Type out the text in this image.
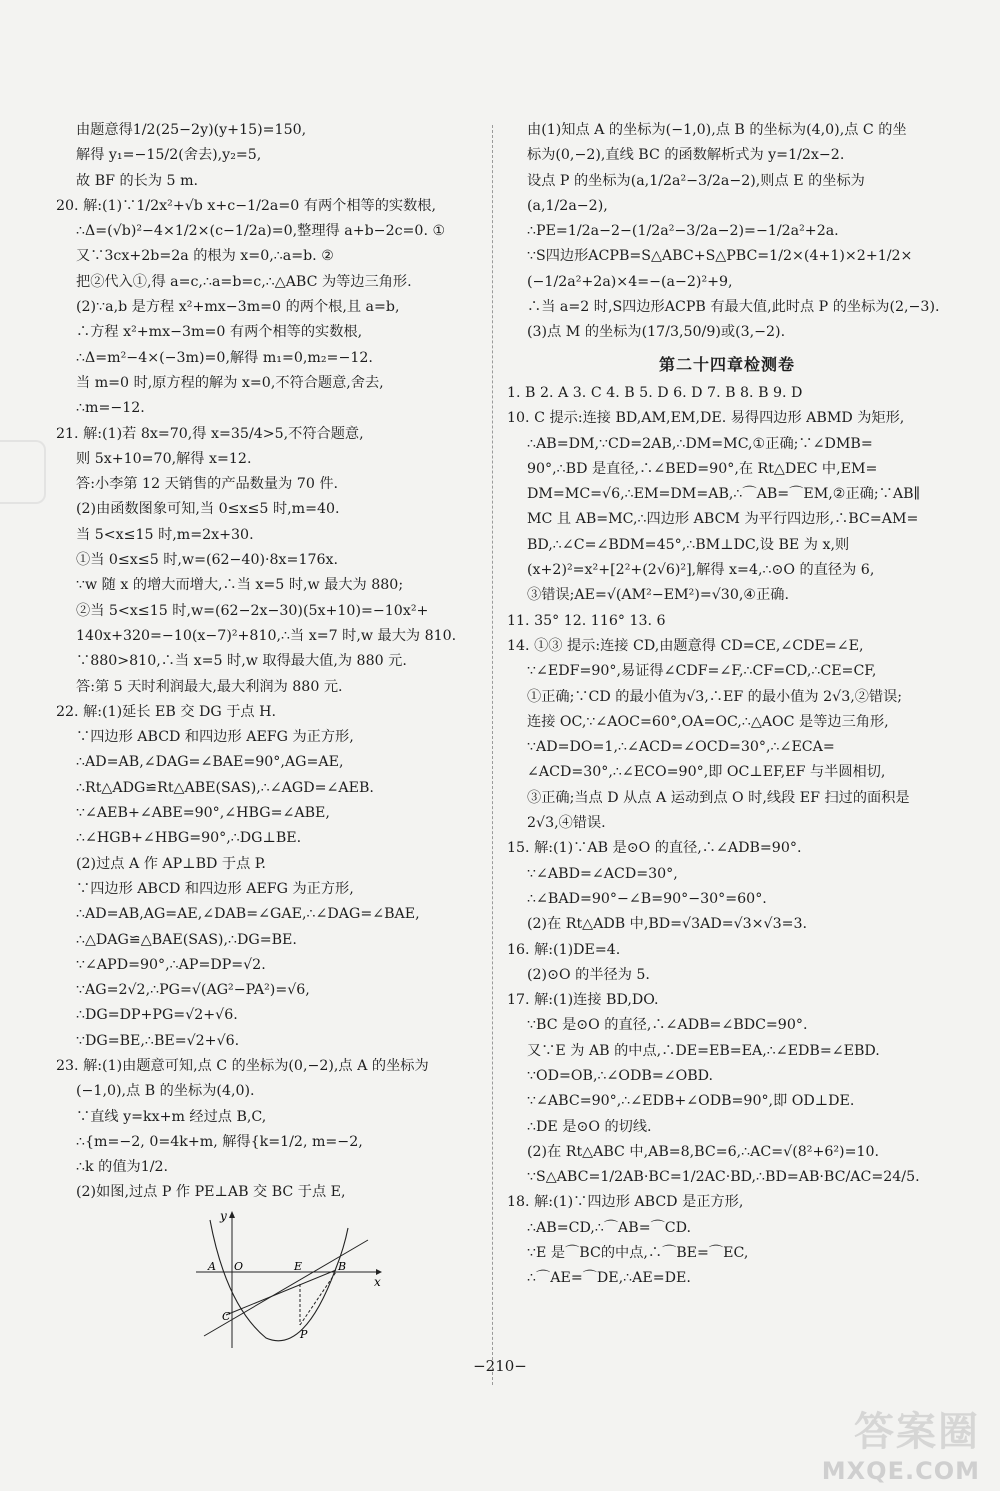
由题意得1/2(25−2y)(y+15)=150,
解得 y₁=−15/2(舍去),y₂=5,
故 BF 的长为 5 m.
20. 解:(1)∵1/2x²+√b x+c−1/2a=0 有两个相等的实数根,
∴Δ=(√b)²−4×1/2×(c−1/2a)=0,整理得 a+b−2c=0. ①
又∵3cx+2b=2a 的根为 x=0,∴a=b. ②
把②代入①,得 a=c,∴a=b=c,∴△ABC 为等边三角形.
(2)∵a,b 是方程 x²+mx−3m=0 的两个根,且 a=b,
∴方程 x²+mx−3m=0 有两个相等的实数根,
∴Δ=m²−4×(−3m)=0,解得 m₁=0,m₂=−12.
当 m=0 时,原方程的解为 x=0,不符合题意,舍去,
∴m=−12.
21. 解:(1)若 8x=70,得 x=35/4>5,不符合题意,
则 5x+10=70,解得 x=12.
答:小李第 12 天销售的产品数量为 70 件.
(2)由函数图象可知,当 0≤x≤5 时,m=40.
当 5<x≤15 时,m=2x+30.
①当 0≤x≤5 时,w=(62−40)·8x=176x.
∵w 随 x 的增大而增大,∴当 x=5 时,w 最大为 880;
②当 5<x≤15 时,w=(62−2x−30)(5x+10)=−10x²+
140x+320=−10(x−7)²+810,∴当 x=7 时,w 最大为 810.
∵880>810,∴当 x=5 时,w 取得最大值,为 880 元.
答:第 5 天时利润最大,最大利润为 880 元.
22. 解:(1)延长 EB 交 DG 于点 H.
∵四边形 ABCD 和四边形 AEFG 为正方形,
∴AD=AB,∠DAG=∠BAE=90°,AG=AE,
∴Rt△ADG≌Rt△ABE(SAS),∴∠AGD=∠AEB.
∵∠AEB+∠ABE=90°,∠HBG=∠ABE,
∴∠HGB+∠HBG=90°,∴DG⊥BE.
(2)过点 A 作 AP⊥BD 于点 P.
∵四边形 ABCD 和四边形 AEFG 为正方形,
∴AD=AB,AG=AE,∠DAB=∠GAE,∴∠DAG=∠BAE,
∴△DAG≌△BAE(SAS),∴DG=BE.
∵∠APD=90°,∴AP=DP=√2.
∵AG=2√2,∴PG=√(AG²−PA²)=√6,
∴DG=DP+PG=√2+√6.
∵DG=BE,∴BE=√2+√6.
23. 解:(1)由题意可知,点 C 的坐标为(0,−2),点 A 的坐标为
(−1,0),点 B 的坐标为(4,0).
∵直线 y=kx+m 经过点 B,C,
∴{m=−2, 0=4k+m, 解得{k=1/2, m=−2,
∴k 的值为1/2.
(2)如图,过点 P 作 PE⊥AB 交 BC 于点 E,
y
x
A O	E	B
C
P
由(1)知点 A 的坐标为(−1,0),点 B 的坐标为(4,0),点 C 的坐
标为(0,−2),直线 BC 的函数解析式为 y=1/2x−2.
设点 P 的坐标为(a,1/2a²−3/2a−2),则点 E 的坐标为
(a,1/2a−2),
∴PE=1/2a−2−(1/2a²−3/2a−2)=−1/2a²+2a.
∵S四边形ACPB=S△ABC+S△PBC=1/2×(4+1)×2+1/2×
(−1/2a²+2a)×4=−(a−2)²+9,
∴当 a=2 时,S四边形ACPB 有最大值,此时点 P 的坐标为(2,−3).
(3)点 M 的坐标为(17/3,50/9)或(3,−2).
第二十四章检测卷
1. B 2. A 3. C 4. B 5. D 6. D 7. B 8. B 9. D
10. C 提示:连接 BD,AM,EM,DE. 易得四边形 ABMD 为矩形,
∴AB=DM,∵CD=2AB,∴DM=MC,①正确;∵∠DMB=
90°,∴BD 是直径,∴∠BED=90°,在 Rt△DEC 中,EM=
DM=MC=√6,∴EM=DM=AB,∴⌒AB=⌒EM,②正确;∵AB∥
MC 且 AB=MC,∴四边形 ABCM 为平行四边形,∴BC=AM=
BD,∴∠C=∠BDM=45°,∴BM⊥DC,设 BE 为 x,则
(x+2)²=x²+[2²+(2√6)²],解得 x=4,∴⊙O 的直径为 6,
③错误;AE=√(AM²−EM²)=√30,④正确.
11. 35° 12. 116° 13. 6
14. ①③ 提示:连接 CD,由题意得 CD=CE,∠CDE=∠E,
∵∠EDF=90°,易证得∠CDF=∠F,∴CF=CD,∴CE=CF,
①正确;∵CD 的最小值为√3,∴EF 的最小值为 2√3,②错误;
连接 OC,∵∠AOC=60°,OA=OC,∴△AOC 是等边三角形,
∵AD=DO=1,∴∠ACD=∠OCD=30°,∴∠ECA=
∠ACD=30°,∴∠ECO=90°,即 OC⊥EF,EF 与半圆相切,
③正确;当点 D 从点 A 运动到点 O 时,线段 EF 扫过的面积是
2√3,④错误.
15. 解:(1)∵AB 是⊙O 的直径,∴∠ADB=90°.
∵∠ABD=∠ACD=30°,
∴∠BAD=90°−∠B=90°−30°=60°.
(2)在 Rt△ADB 中,BD=√3AD=√3×√3=3.
16. 解:(1)DE=4.
(2)⊙O 的半径为 5.
17. 解:(1)连接 BD,DO.
∵BC 是⊙O 的直径,∴∠ADB=∠BDC=90°.
又∵E 为 AB 的中点,∴DE=EB=EA,∴∠EDB=∠EBD.
∵OD=OB,∴∠ODB=∠OBD.
∵∠ABC=90°,∴∠EDB+∠ODB=90°,即 OD⊥DE.
∴DE 是⊙O 的切线.
(2)在 Rt△ABC 中,AB=8,BC=6,∴AC=√(8²+6²)=10.
∵S△ABC=1/2AB·BC=1/2AC·BD,∴BD=AB·BC/AC=24/5.
18. 解:(1)∵四边形 ABCD 是正方形,
∴AB=CD,∴⌒AB=⌒CD.
∵E 是⌒BC的中点,∴⌒BE=⌒EC,
∴⌒AE=⌒DE,∴AE=DE.
−210−
答案圈
MXQE.COM
